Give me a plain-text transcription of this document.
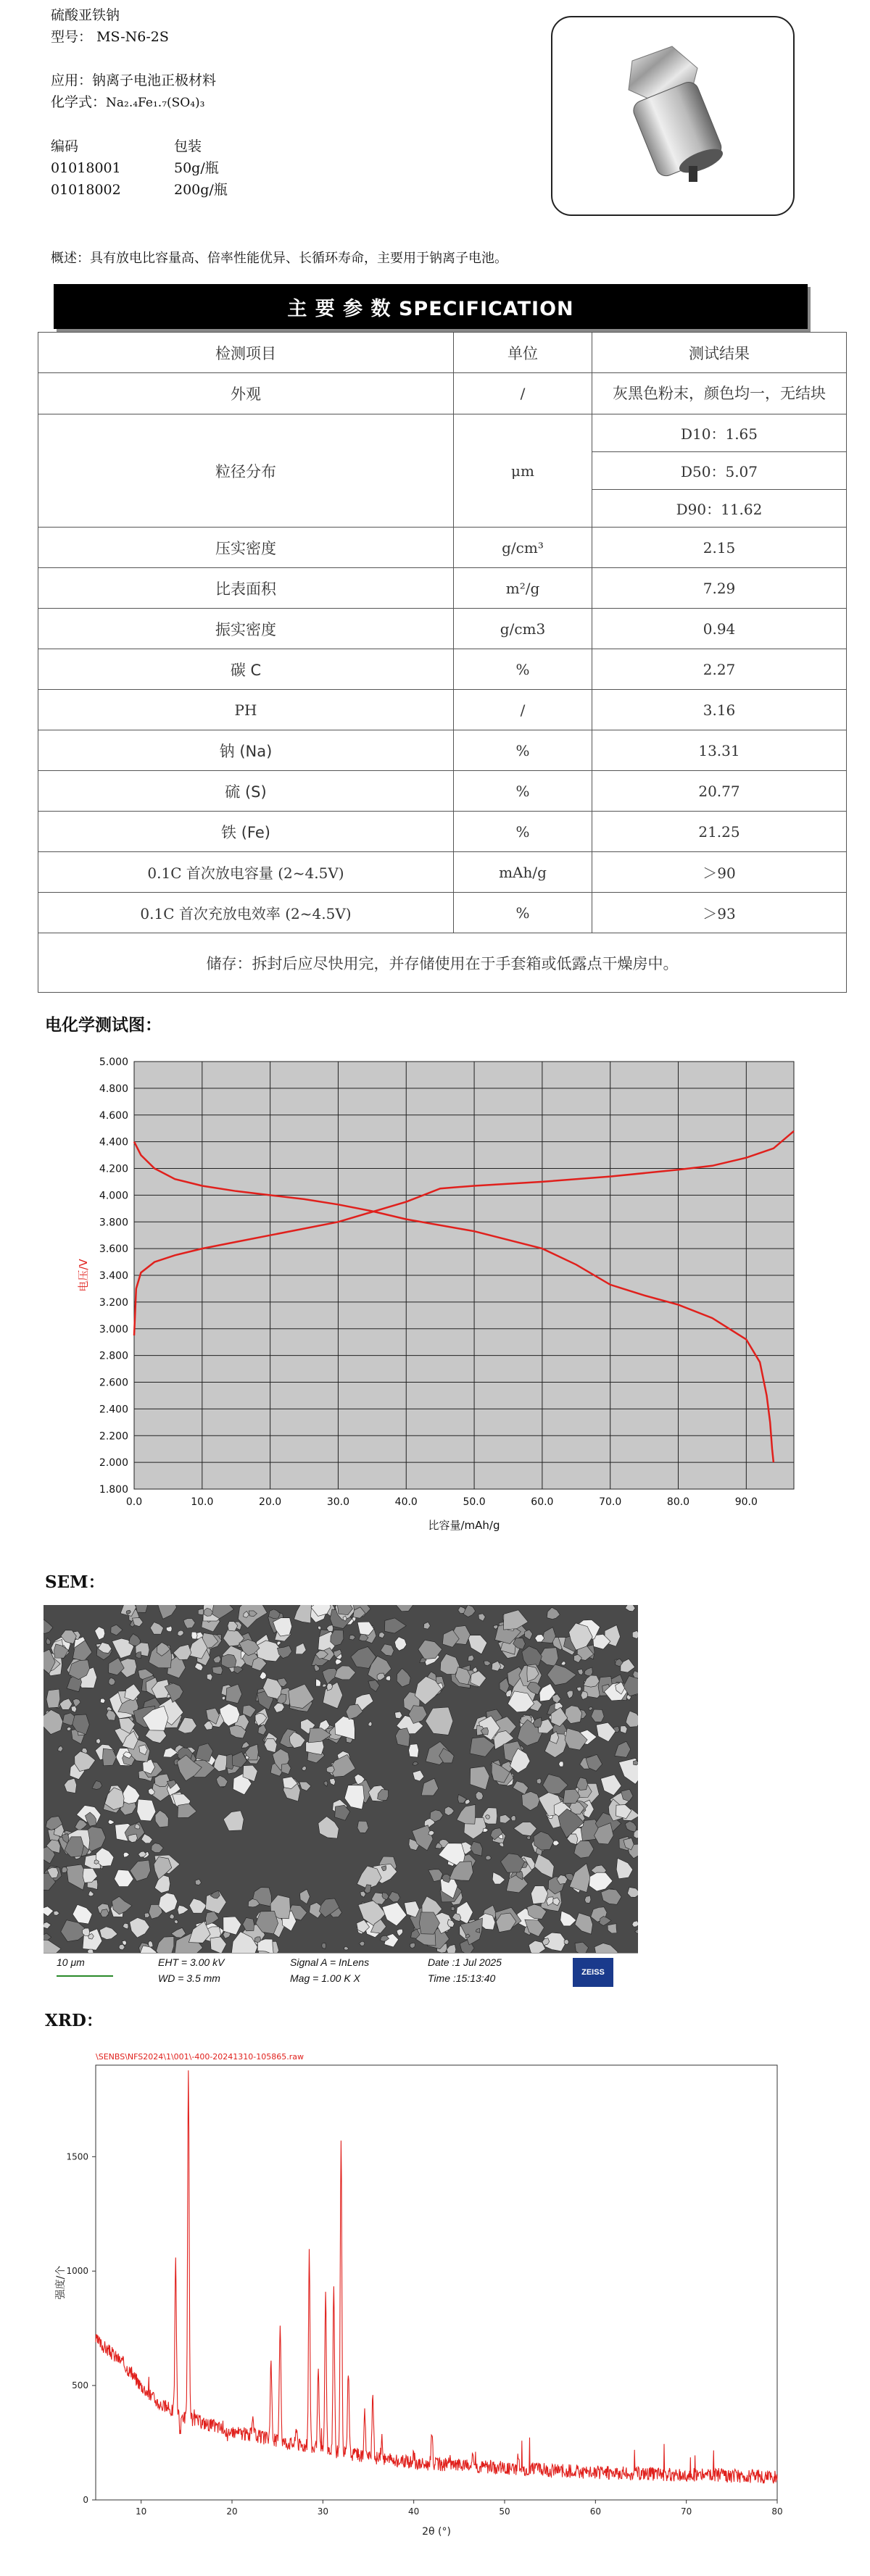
硫酸亚铁钠
型号： MS-N6-2S
应用：钠离子电池正极材料
化学式：Na₂.₄Fe₁.₇(SO₄)₃
编码	包装
01018001	50g/瓶
01018002	200g/瓶
概述：具有放电比容量高、倍率性能优异、长循环寿命，主要用于钠离子电池。
主 要 参 数 SPECIFICATION
检测项目	单位	测试结果
外观	/	灰黑色粉末，颜色均一，无结块
粒径分布	μm	D10：1.65
		D50：5.07
		D90：11.62
压实密度	g/cm³	2.15
比表面积	m²/g	7.29
振实密度	g/cm3	0.94
碳 C	%	2.27
PH	/	3.16
钠 (Na)	%	13.31
硫 (S)	%	20.77
铁 (Fe)	%	21.25
0.1C 首次放电容量 (2~4.5V)	mAh/g	＞90
0.1C 首次充放电效率 (2~4.5V)	%	＞93
储存：拆封后应尽快用完，并存储使用在于手套箱或低露点干燥房中。		
电化学测试图：
1.800
2.000
2.200
2.400
2.600
2.800
3.000
3.200
3.400
3.600
3.800
4.000
4.200
4.400
4.600
4.800
5.000
0.0	10.0	20.0	30.0	40.0	50.0	60.0	70.0	80.0	90.0
比容量/mAh/g
电压/V
SEM：
10 μm	EHT = 3.00 kV
WD = 3.5 mm
Signal A = InLens
Mag = 1.00 K X
Date :1 Jul 2025
Time :15:13:40	ZEISS
XRD：
\SENBS\NFS2024\1\001\-400-20241310-105865.raw
0
500
1000
1500
10	20	30	40	50	60	70	80
2θ (°)
强度/个
